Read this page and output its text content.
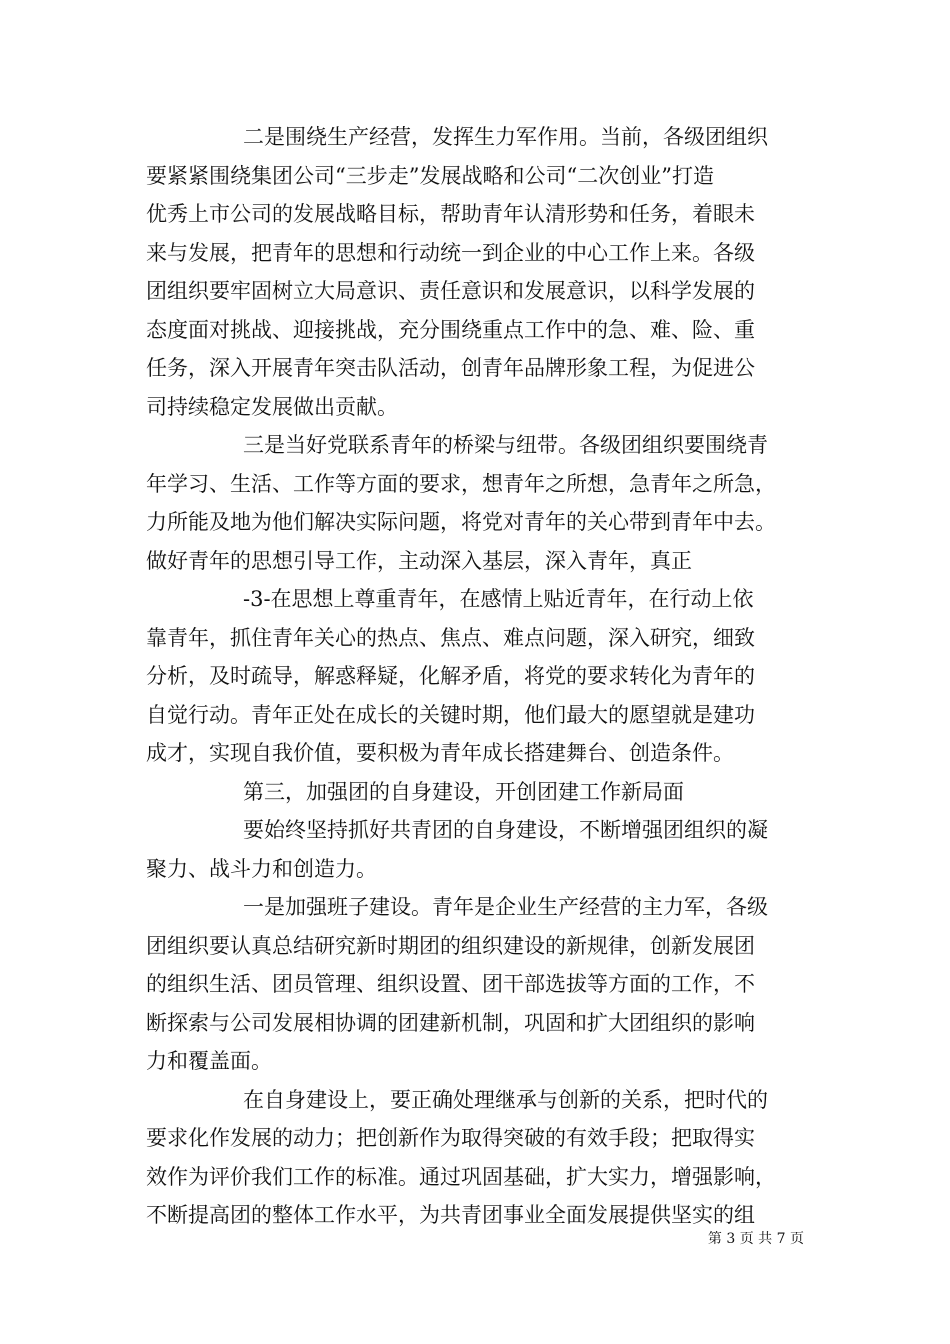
二是围绕生产经营，发挥生力军作用。当前，各级团组织
要紧紧围绕集团公司“三步走”发展战略和公司“二次创业”打造
优秀上市公司的发展战略目标，帮助青年认清形势和任务，着眼未
来与发展，把青年的思想和行动统一到企业的中心工作上来。各级
团组织要牢固树立大局意识、责任意识和发展意识，以科学发展的
态度面对挑战、迎接挑战，充分围绕重点工作中的急、难、险、重
任务，深入开展青年突击队活动，创青年品牌形象工程，为促进公
司持续稳定发展做出贡献。
三是当好党联系青年的桥梁与纽带。各级团组织要围绕青
年学习、生活、工作等方面的要求，想青年之所想，急青年之所急，
力所能及地为他们解决实际问题，将党对青年的关心带到青年中去。
做好青年的思想引导工作，主动深入基层，深入青年，真正
-3-在思想上尊重青年，在感情上贴近青年，在行动上依
靠青年，抓住青年关心的热点、焦点、难点问题，深入研究，细致
分析，及时疏导，解惑释疑，化解矛盾，将党的要求转化为青年的
自觉行动。青年正处在成长的关键时期，他们最大的愿望就是建功
成才，实现自我价值，要积极为青年成长搭建舞台、创造条件。
第三，加强团的自身建设，开创团建工作新局面
要始终坚持抓好共青团的自身建设，不断增强团组织的凝
聚力、战斗力和创造力。
一是加强班子建设。青年是企业生产经营的主力军，各级
团组织要认真总结研究新时期团的组织建设的新规律，创新发展团
的组织生活、团员管理、组织设置、团干部选拔等方面的工作，不
断探索与公司发展相协调的团建新机制，巩固和扩大团组织的影响
力和覆盖面。
在自身建设上，要正确处理继承与创新的关系，把时代的
要求化作发展的动力；把创新作为取得突破的有效手段；把取得实
效作为评价我们工作的标准。通过巩固基础，扩大实力，增强影响，
不断提高团的整体工作水平，为共青团事业全面发展提供坚实的组
第 3 页 共 7 页
